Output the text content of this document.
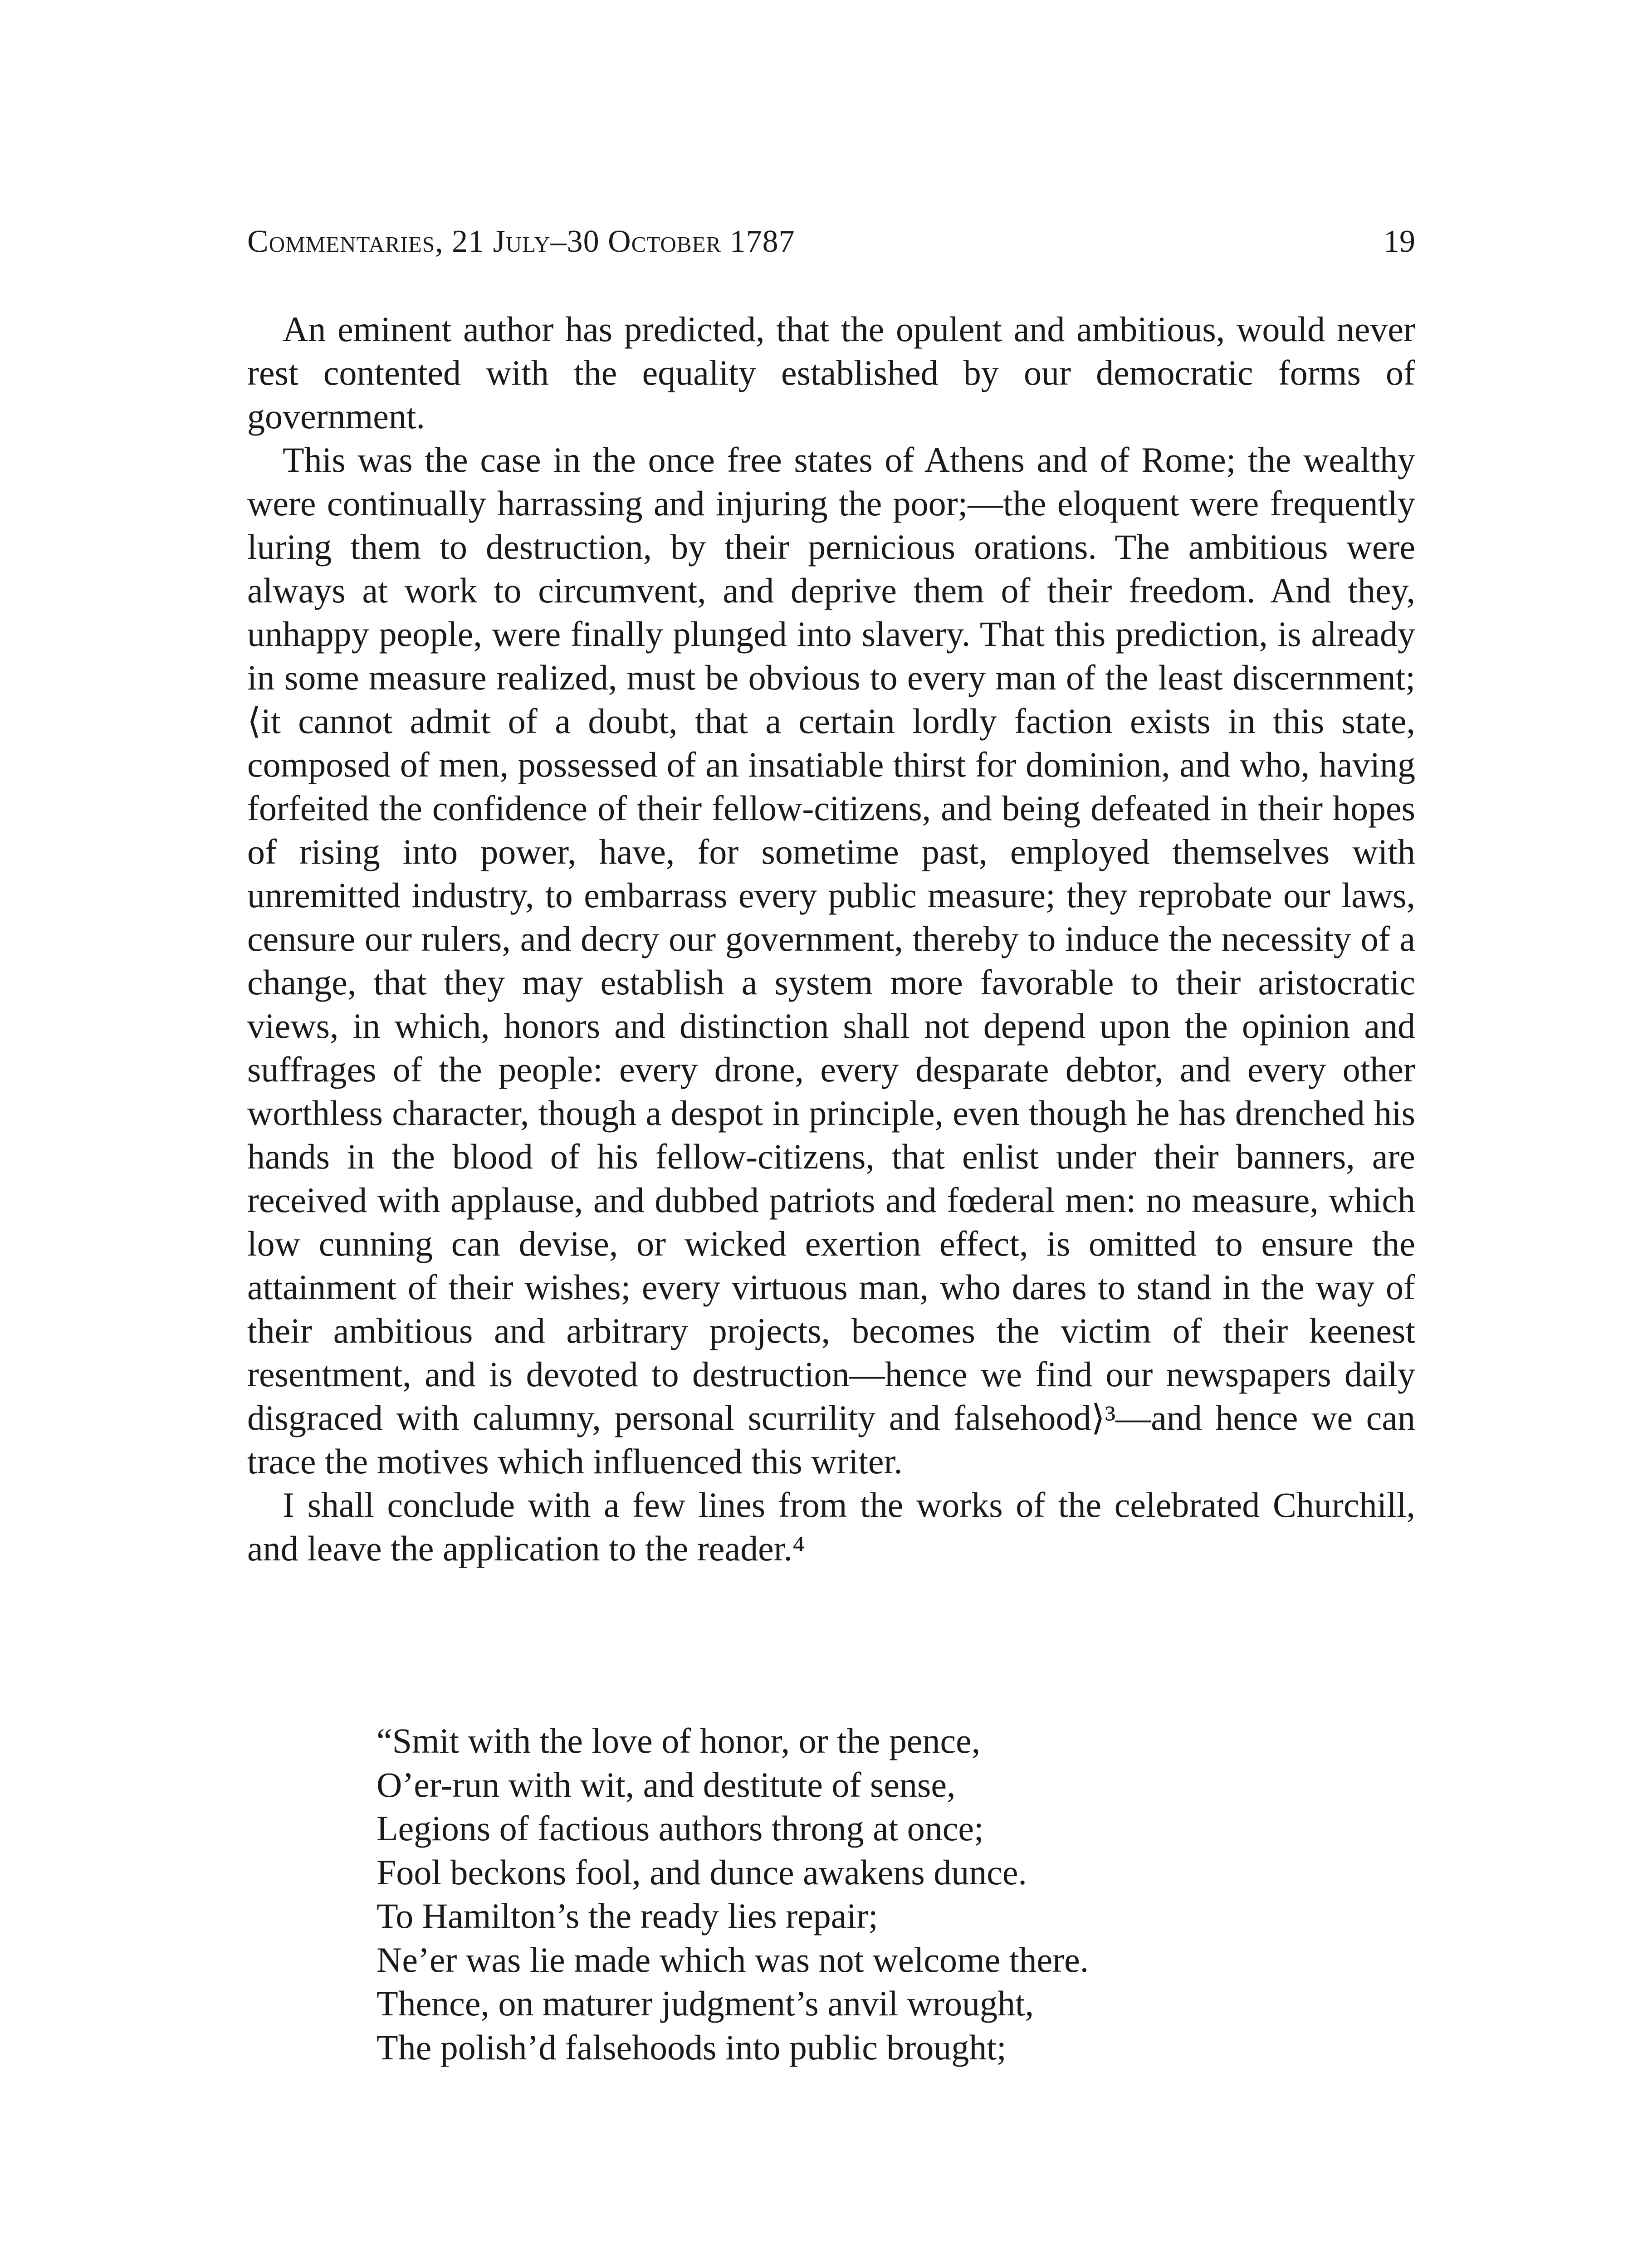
Commentaries, 21 July–30 October 1787	19

An eminent author has predicted, that the opulent and ambitious, would never rest contented with the equality established by our democratic forms of government.

This was the case in the once free states of Athens and of Rome; the wealthy were continually harrassing and injuring the poor;—the eloquent were frequently luring them to destruction, by their pernicious orations. The ambitious were always at work to circumvent, and deprive them of their freedom. And they, unhappy people, were finally plunged into slavery. That this prediction, is already in some measure realized, must be obvious to every man of the least discernment; ⟨it cannot admit of a doubt, that a certain lordly faction exists in this state, composed of men, possessed of an insatiable thirst for dominion, and who, having forfeited the confidence of their fellow-citizens, and being defeated in their hopes of rising into power, have, for sometime past, employed themselves with unremitted industry, to embarrass every public measure; they reprobate our laws, censure our rulers, and decry our government, thereby to induce the necessity of a change, that they may establish a system more favorable to their aristocratic views, in which, honors and distinction shall not depend upon the opinion and suffrages of the people: every drone, every desparate debtor, and every other worthless character, though a despot in principle, even though he has drenched his hands in the blood of his fellow-citizens, that enlist under their banners, are received with applause, and dubbed patriots and fœderal men: no measure, which low cunning can devise, or wicked exertion effect, is omitted to ensure the attainment of their wishes; every virtuous man, who dares to stand in the way of their ambitious and arbitrary projects, becomes the victim of their keenest resentment, and is devoted to destruction—hence we find our newspapers daily disgraced with calumny, personal scurrility and falsehood⟩³—and hence we can trace the motives which influenced this writer.

I shall conclude with a few lines from the works of the celebrated Churchill, and leave the application to the reader.⁴

“Smit with the love of honor, or the pence,
O’er-run with wit, and destitute of sense,
Legions of factious authors throng at once;
Fool beckons fool, and dunce awakens dunce.
To Hamilton’s the ready lies repair;
Ne’er was lie made which was not welcome there.
Thence, on maturer judgment’s anvil wrought,
The polish’d falsehoods into public brought;
